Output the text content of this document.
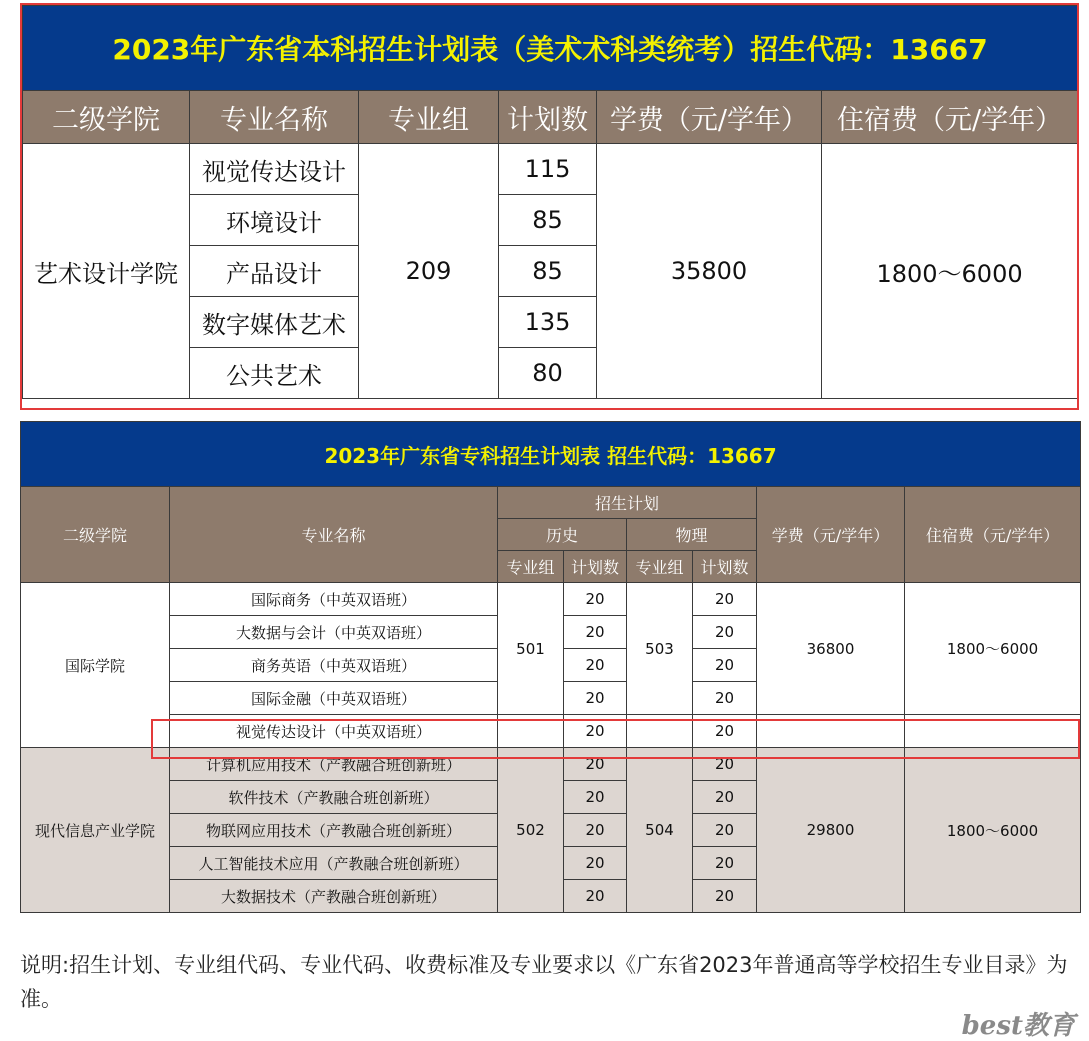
2023年广东省本科招生计划表（美术术科类统考）招生代码：13667					
二级学院	专业名称	专业组	计划数	学费（元/学年）	住宿费（元/学年）
艺术设计学院	视觉传达设计	209	115	35800	1800～6000
	环境设计		85		
	产品设计		85		
	数字媒体艺术		135		
	公共艺术		80		
2023年广东省专科招生计划表 招生代码：13667							
二级学院	专业名称	招生计划				学费（元/学年）	住宿费（元/学年）
		历史		物理			
		专业组	计划数	专业组	计划数		
国际学院	国际商务（中英双语班）	501	20	503	20	36800	1800～6000
	大数据与会计（中英双语班）		20		20		
	商务英语（中英双语班）		20		20		
	国际金融（中英双语班）		20		20		
	视觉传达设计（中英双语班）		20		20		
现代信息产业学院	计算机应用技术（产教融合班创新班）	502	20	504	20	29800	1800～6000
	软件技术（产教融合班创新班）		20		20		
	物联网应用技术（产教融合班创新班）		20		20		
	人工智能技术应用（产教融合班创新班）		20		20		
	大数据技术（产教融合班创新班）		20		20		
说明:招生计划、专业组代码、专业代码、收费标准及专业要求以《广东省2023年普通高等学校招生专业目录》为准。
best教育
